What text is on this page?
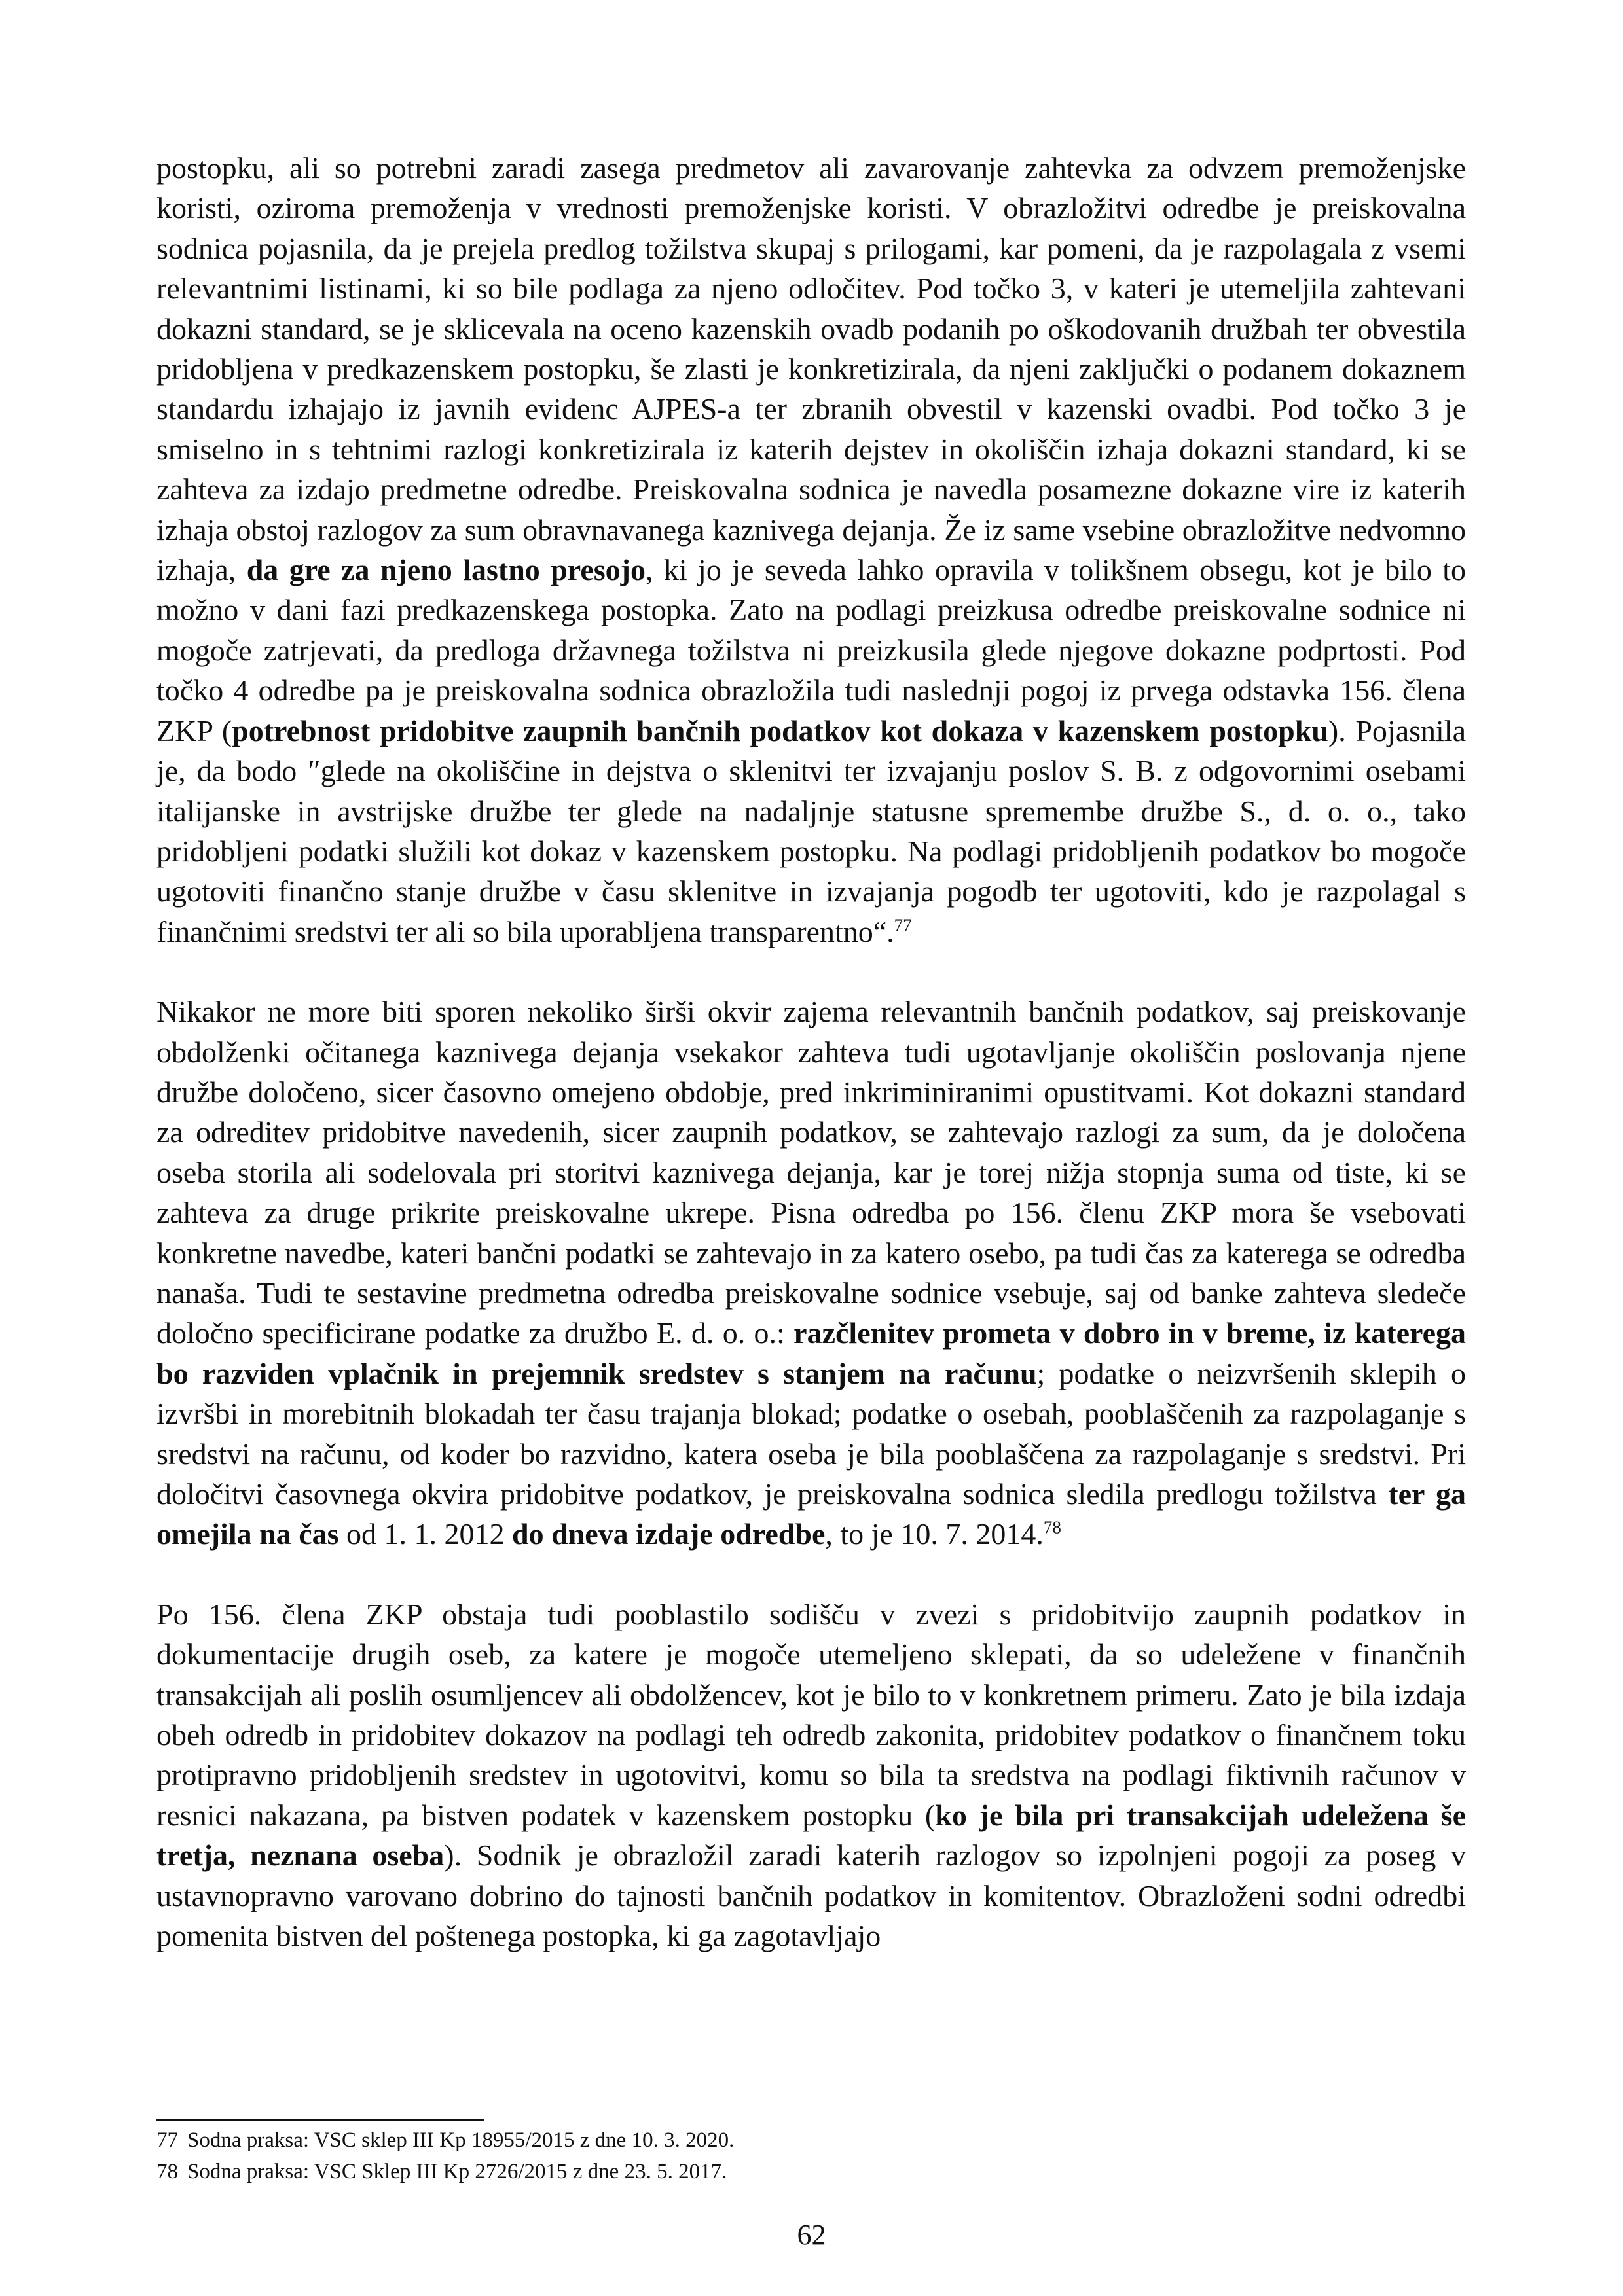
postopku, ali so potrebni zaradi zasega predmetov ali zavarovanje zahtevka za odvzem premoženjske koristi, oziroma premoženja v vrednosti premoženjske koristi. V obrazložitvi odredbe je preiskovalna sodnica pojasnila, da je prejela predlog tožilstva skupaj s prilogami, kar pomeni, da je razpolagala z vsemi relevantnimi listinami, ki so bile podlaga za njeno odločitev. Pod točko 3, v kateri je utemeljila zahtevani dokazni standard, se je sklicevala na oceno kazenskih ovadb podanih po oškodovanih družbah ter obvestila pridobljena v predkazenskem postopku, še zlasti je konkretizirala, da njeni zaključki o podanem dokaznem standardu izhajajo iz javnih evidenc AJPES-a ter zbranih obvestil v kazenski ovadbi. Pod točko 3 je smiselno in s tehtnimi razlogi konkretizirala iz katerih dejstev in okoliščin izhaja dokazni standard, ki se zahteva za izdajo predmetne odredbe. Preiskovalna sodnica je navedla posamezne dokazne vire iz katerih izhaja obstoj razlogov za sum obravnavanega kaznivega dejanja. Že iz same vsebine obrazložitve nedvomno izhaja, da gre za njeno lastno presojo, ki jo je seveda lahko opravila v tolikšnem obsegu, kot je bilo to možno v dani fazi predkazenskega postopka. Zato na podlagi preizkusa odredbe preiskovalne sodnice ni mogoče zatrjevati, da predloga državnega tožilstva ni preizkusila glede njegove dokazne podprtosti. Pod točko 4 odredbe pa je preiskovalna sodnica obrazložila tudi naslednji pogoj iz prvega odstavka 156. člena ZKP (potrebnost pridobitve zaupnih bančnih podatkov kot dokaza v kazenskem postopku). Pojasnila je, da bodo ″glede na okoliščine in dejstva o sklenitvi ter izvajanju poslov S. B. z odgovornimi osebami italijanske in avstrijske družbe ter glede na nadaljnje statusne spremembe družbe S., d. o. o., tako pridobljeni podatki služili kot dokaz v kazenskem postopku. Na podlagi pridobljenih podatkov bo mogoče ugotoviti finančno stanje družbe v času sklenitve in izvajanja pogodb ter ugotoviti, kdo je razpolagal s finančnimi sredstvi ter ali so bila uporabljena transparentno“.$^{77}$

Nikakor ne more biti sporen nekoliko širši okvir zajema relevantnih bančnih podatkov, saj preiskovanje obdolženki očitanega kaznivega dejanja vsekakor zahteva tudi ugotavljanje okoliščin poslovanja njene družbe določeno, sicer časovno omejeno obdobje, pred inkriminiranimi opustitvami. Kot dokazni standard za odreditev pridobitve navedenih, sicer zaupnih podatkov, se zahtevajo razlogi za sum, da je določena oseba storila ali sodelovala pri storitvi kaznivega dejanja, kar je torej nižja stopnja suma od tiste, ki se zahteva za druge prikrite preiskovalne ukrepe. Pisna odredba po 156. členu ZKP mora še vsebovati konkretne navedbe, kateri bančni podatki se zahtevajo in za katero osebo, pa tudi čas za katerega se odredba nanaša. Tudi te sestavine predmetna odredba preiskovalne sodnice vsebuje, saj od banke zahteva sledeče določno specificirane podatke za družbo E. d. o. o.: razčlenitev prometa v dobro in v breme, iz katerega bo razviden vplačnik in prejemnik sredstev s stanjem na računu; podatke o neizvršenih sklepih o izvršbi in morebitnih blokadah ter času trajanja blokad; podatke o osebah, pooblaščenih za razpolaganje s sredstvi na računu, od koder bo razvidno, katera oseba je bila pooblaščena za razpolaganje s sredstvi. Pri določitvi časovnega okvira pridobitve podatkov, je preiskovalna sodnica sledila predlogu tožilstva ter ga omejila na čas od 1. 1. 2012 do dneva izdaje odredbe, to je 10. 7. 2014.78

Po 156. člena ZKP obstaja tudi pooblastilo sodišču v zvezi s pridobitvijo zaupnih podatkov in dokumentacije drugih oseb, za katere je mogoče utemeljeno sklepati, da so udeležene v finančnih transakcijah ali poslih osumljencev ali obdolžencev, kot je bilo to v konkretnem primeru. Zato je bila izdaja obeh odredb in pridobitev dokazov na podlagi teh odredb zakonita, pridobitev podatkov o finančnem toku protipravno pridobljenih sredstev in ugotovitvi, komu so bila ta sredstva na podlagi fiktivnih računov v resnici nakazana, pa bistven podatek v kazenskem postopku (ko je bila pri transakcijah udeležena še tretja, neznana oseba). Sodnik je obrazložil zaradi katerih razlogov so izpolnjeni pogoji za poseg v ustavnopravno varovano dobrino do tajnosti bančnih podatkov in komitentov. Obrazloženi sodni odredbi pomenita bistven del poštenega postopka, ki ga zagotavljajo

77 Sodna praksa: VSC sklep III Kp 18955/2015 z dne 10. 3. 2020.
78 Sodna praksa: VSC Sklep III Kp 2726/2015 z dne 23. 5. 2017.
62
